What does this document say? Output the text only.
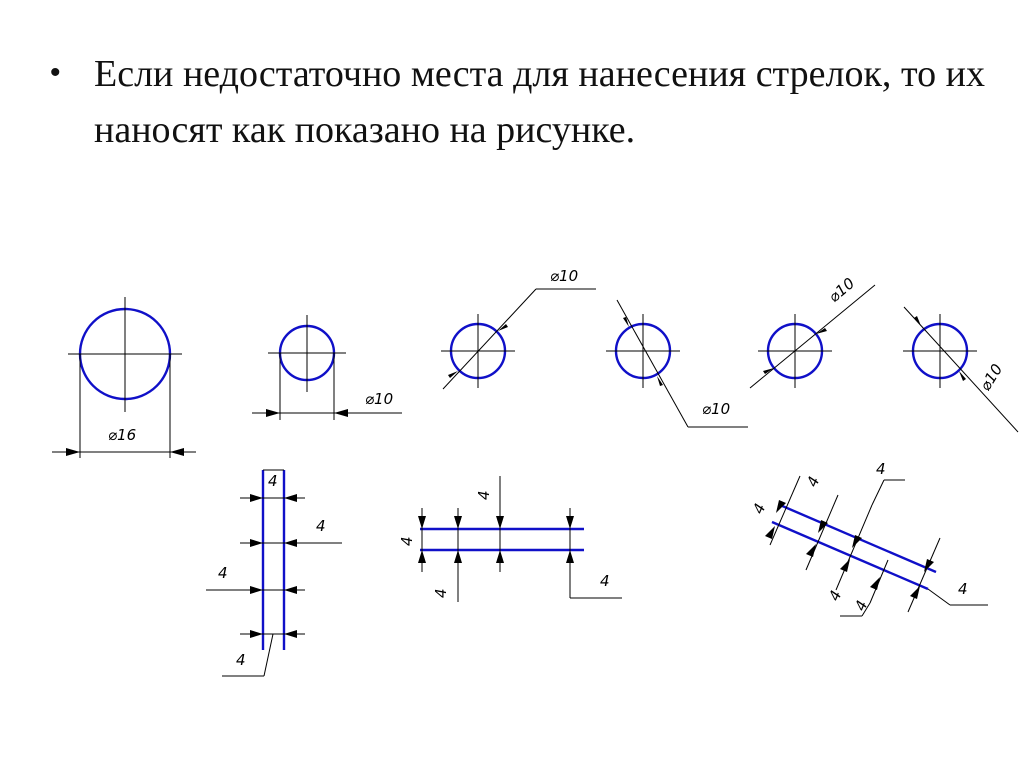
• Если недостаточно места для нанесения стрелок, то их наносят как показано на рисунке.
⌀16
⌀10
⌀10
⌀10
⌀10
⌀10
4
4
4
4
4
4
4
4
4
4
4
4
4
4
